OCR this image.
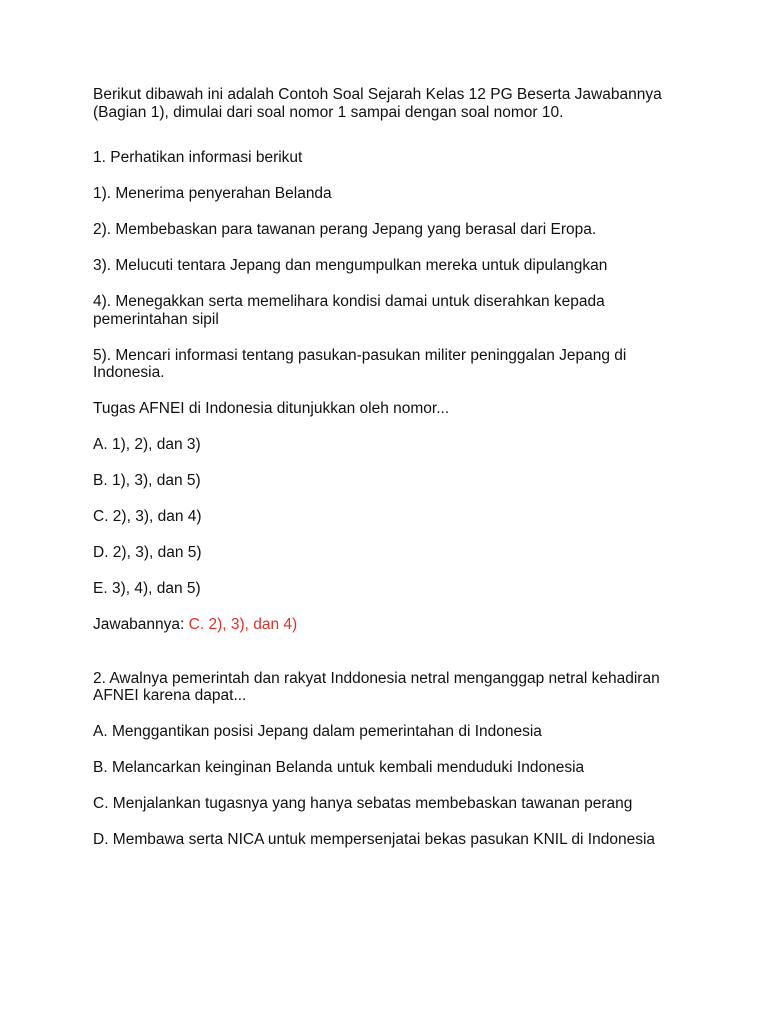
Berikut dibawah ini adalah Contoh Soal Sejarah Kelas 12 PG Beserta Jawabannya (Bagian 1), dimulai dari soal nomor 1 sampai dengan soal nomor 10.

1. Perhatikan informasi berikut

1). Menerima penyerahan Belanda

2). Membebaskan para tawanan perang Jepang yang berasal dari Eropa.

3). Melucuti tentara Jepang dan mengumpulkan mereka untuk dipulangkan

4). Menegakkan serta memelihara kondisi damai untuk diserahkan kepada pemerintahan sipil

5). Mencari informasi tentang pasukan-pasukan militer peninggalan Jepang di Indonesia.

Tugas AFNEI di Indonesia ditunjukkan oleh nomor...

A. 1), 2), dan 3)

B. 1), 3), dan 5)

C. 2), 3), dan 4)

D. 2), 3), dan 5)

E. 3), 4), dan 5)

Jawabannya: C. 2), 3), dan 4)

2. Awalnya pemerintah dan rakyat Inddonesia netral menganggap netral kehadiran AFNEI karena dapat...

A. Menggantikan posisi Jepang dalam pemerintahan di Indonesia

B. Melancarkan keinginan Belanda untuk kembali menduduki Indonesia

C. Menjalankan tugasnya yang hanya sebatas membebaskan tawanan perang

D. Membawa serta NICA untuk mempersenjatai bekas pasukan KNIL di Indonesia
